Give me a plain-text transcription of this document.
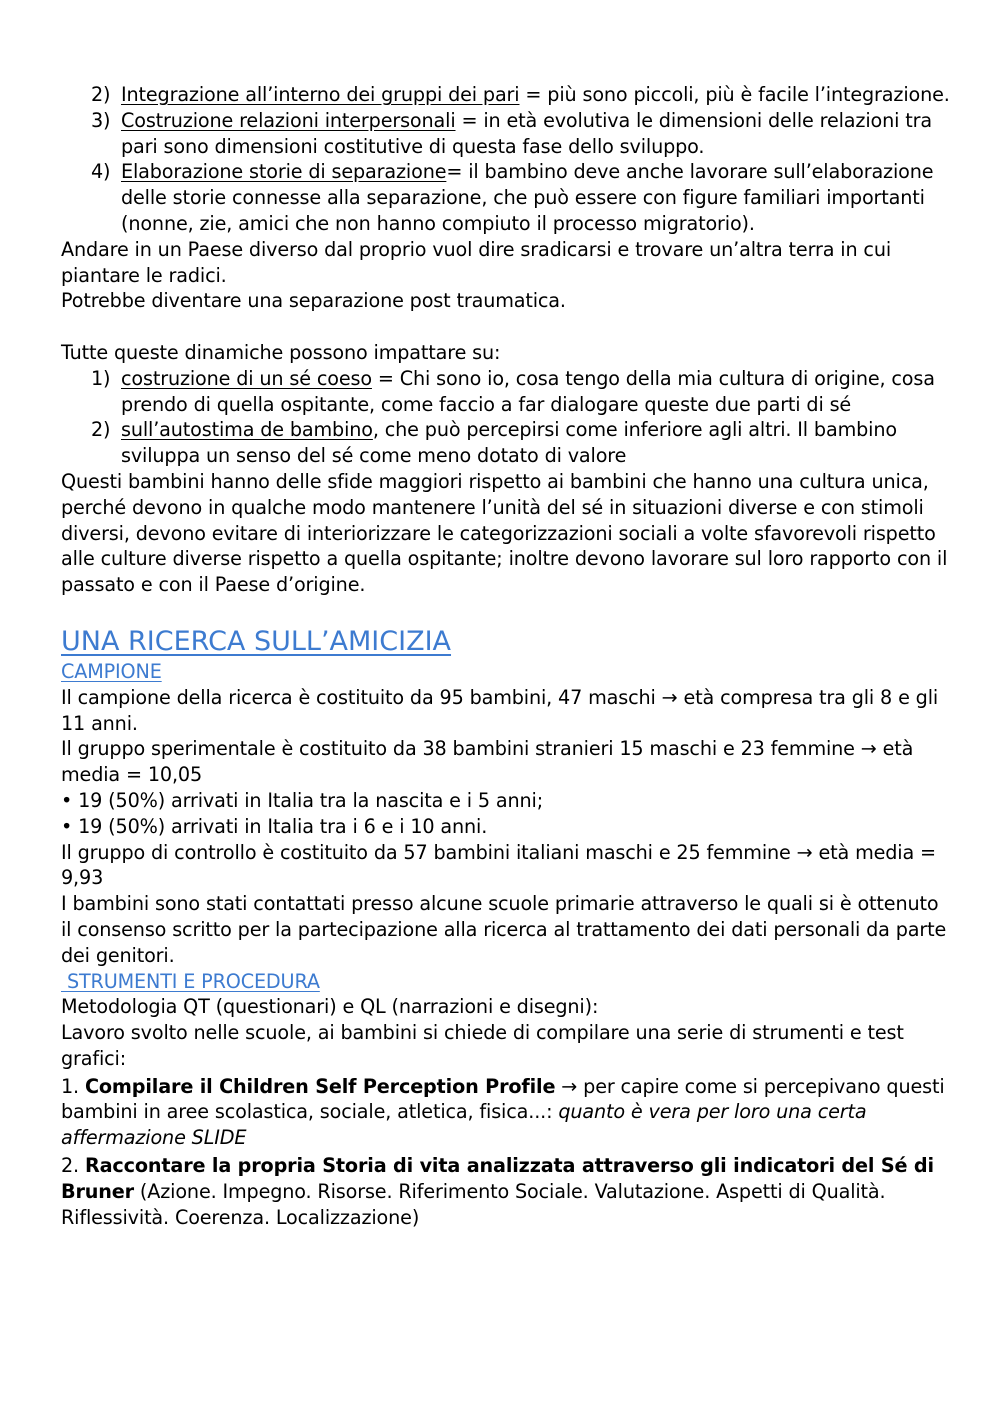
2) Integrazione all’interno dei gruppi dei pari = più sono piccoli, più è facile l’integrazione.
3) Costruzione relazioni interpersonali = in età evolutiva le dimensioni delle relazioni tra pari sono dimensioni costitutive di questa fase dello sviluppo.
4) Elaborazione storie di separazione= il bambino deve anche lavorare sull’elaborazione delle storie connesse alla separazione, che può essere con figure familiari importanti (nonne, zie, amici che non hanno compiuto il processo migratorio).

Andare in un Paese diverso dal proprio vuol dire sradicarsi e trovare un’altra terra in cui piantare le radici.

Potrebbe diventare una separazione post traumatica.

Tutte queste dinamiche possono impattare su:

1) costruzione di un sé coeso = Chi sono io, cosa tengo della mia cultura di origine, cosa prendo di quella ospitante, come faccio a far dialogare queste due parti di sé
2) sull’autostima de bambino, che può percepirsi come inferiore agli altri. Il bambino sviluppa un senso del sé come meno dotato di valore

Questi bambini hanno delle sfide maggiori rispetto ai bambini che hanno una cultura unica, perché devono in qualche modo mantenere l’unità del sé in situazioni diverse e con stimoli diversi, devono evitare di interiorizzare le categorizzazioni sociali a volte sfavorevoli rispetto alle culture diverse rispetto a quella ospitante; inoltre devono lavorare sul loro rapporto con il passato e con il Paese d’origine.

UNA RICERCA SULL’AMICIZIA
CAMPIONE

Il campione della ricerca è costituito da 95 bambini, 47 maschi → età compresa tra gli 8 e gli 11 anni.

Il gruppo sperimentale è costituito da 38 bambini stranieri 15 maschi e 23 femmine → età media = 10,05

• 19 (50%) arrivati in Italia tra la nascita e i 5 anni;

• 19 (50%) arrivati in Italia tra i 6 e i 10 anni.

Il gruppo di controllo è costituito da 57 bambini italiani maschi e 25 femmine → età media = 9,93

I bambini sono stati contattati presso alcune scuole primarie attraverso le quali si è ottenuto il consenso scritto per la partecipazione alla ricerca al trattamento dei dati personali da parte dei genitori.

STRUMENTI E PROCEDURA

Metodologia QT (questionari) e QL (narrazioni e disegni):

Lavoro svolto nelle scuole, ai bambini si chiede di compilare una serie di strumenti e test grafici:

1. Compilare il Children Self Perception Profile → per capire come si percepivano questi bambini in aree scolastica, sociale, atletica, fisica...: quanto è vera per loro una certa affermazione SLIDE

2. Raccontare la propria Storia di vita analizzata attraverso gli indicatori del Sé di Bruner (Azione. Impegno. Risorse. Riferimento Sociale. Valutazione. Aspetti di Qualità. Riflessività. Coerenza. Localizzazione)
